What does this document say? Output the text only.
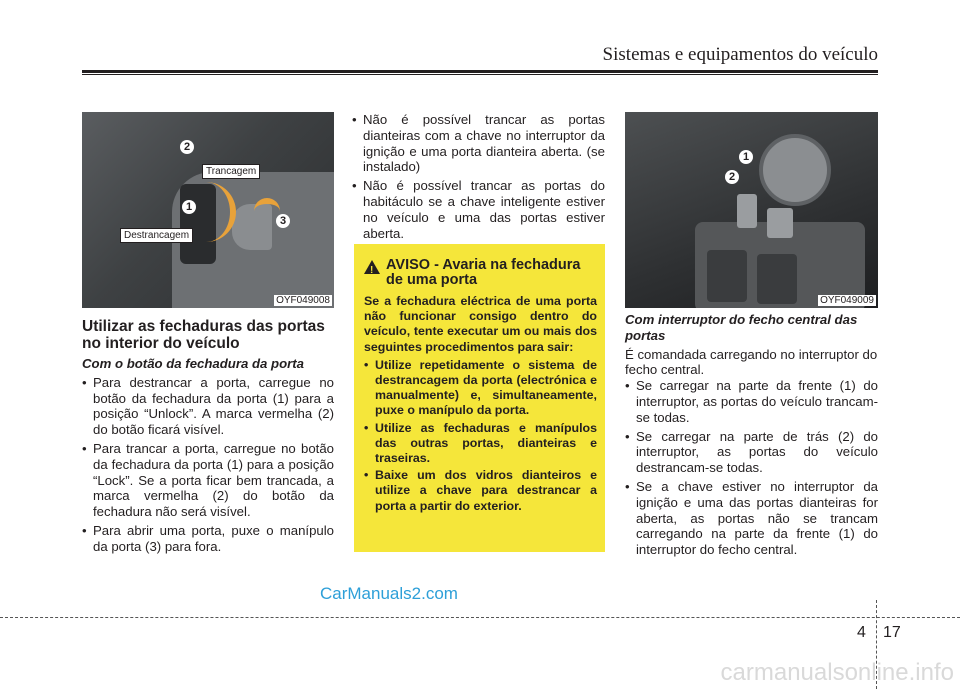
Sistemas e equipamentos do veículo
Trancagem
Destrancagem
2
1
3
OYF049008
Utilizar as fechaduras das portas no interior do veículo
Com o botão da fechadura da porta
• Para destrancar a porta, carregue no botão da fechadura da porta (1) para a posição “Unlock”. A marca vermelha (2) do botão ficará visível.
• Para trancar a porta, carregue no botão da fechadura da porta (1) para a posição “Lock”. Se a porta ficar bem trancada, a marca vermelha (2) do botão da fechadura não será visível.
• Para abrir uma porta, puxe o manípulo da porta (3) para fora.
• Não é possível trancar as portas dianteiras com a chave no interruptor da ignição e uma porta dianteira aberta. (se instalado)
• Não é possível trancar as portas do habitáculo se a chave inteligente estiver no veículo e uma das portas estiver aberta.
! AVISO - Avaria na fechadura de uma porta

Se a fechadura eléctrica de uma porta não funcionar consigo dentro do veículo, tente executar um ou mais dos seguintes procedimentos para sair:

• Utilize repetidamente o sistema de destrancagem da porta (electrónica e manualmente) e, simultaneamente, puxe o manípulo da porta.
• Utilize as fechaduras e manípulos das outras portas, dianteiras e traseiras.
• Baixe um dos vidros dianteiros e utilize a chave para destrancar a porta a partir do exterior.
1
2
OYF049009
Com interruptor do fecho central das portas

É comandada carregando no interruptor do fecho central.

• Se carregar na parte da frente (1) do interruptor, as portas do veículo trancam-se todas.
• Se carregar na parte de trás (2) do interruptor, as portas do veículo destrancam-se todas.
• Se a chave estiver no interruptor da ignição e uma das portas dianteiras for aberta, as portas não se trancam carregando na parte da frente (1) do interruptor do fecho central.
CarManuals2.com
4 17
carmanualsonline.info
